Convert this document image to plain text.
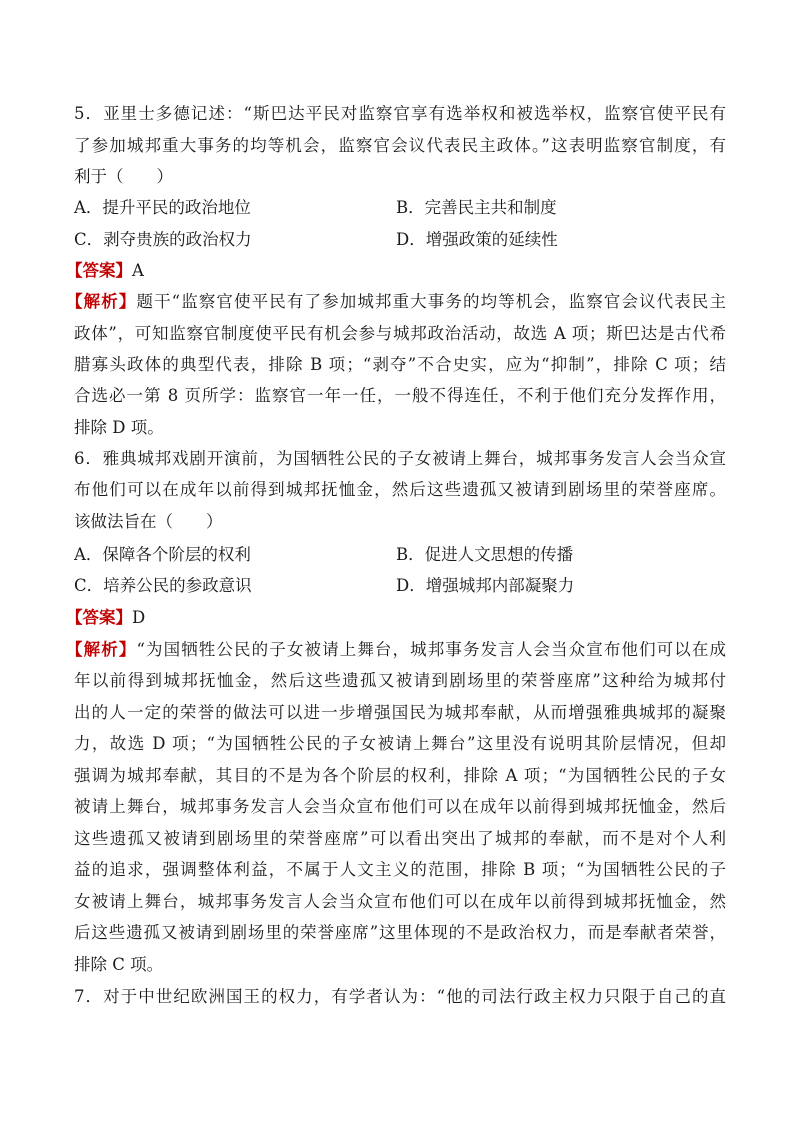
5．亚里士多德记述：“斯巴达平民对监察官享有选举权和被选举权，监察官使平民有
了参加城邦重大事务的均等机会，监察官会议代表民主政体。”这表明监察官制度，有
利于（　　）
A．提升平民的政治地位	B．完善民主共和制度
C．剥夺贵族的政治权力	D．增强政策的延续性
【答案】A
【解析】题干“监察官使平民有了参加城邦重大事务的均等机会，监察官会议代表民主
政体”，可知监察官制度使平民有机会参与城邦政治活动，故选 A 项；斯巴达是古代希
腊寡头政体的典型代表，排除 B 项；“剥夺”不合史实，应为“抑制”，排除 C 项；结
合选必一第 8 页所学：监察官一年一任，一般不得连任，不利于他们充分发挥作用，
排除 D 项。
6．雅典城邦戏剧开演前，为国牺牲公民的子女被请上舞台，城邦事务发言人会当众宣
布他们可以在成年以前得到城邦抚恤金，然后这些遗孤又被请到剧场里的荣誉座席。
该做法旨在（　　）
A．保障各个阶层的权利	B．促进人文思想的传播
C．培养公民的参政意识	D．增强城邦内部凝聚力
【答案】D
【解析】“为国牺牲公民的子女被请上舞台，城邦事务发言人会当众宣布他们可以在成
年以前得到城邦抚恤金，然后这些遗孤又被请到剧场里的荣誉座席”这种给为城邦付
出的人一定的荣誉的做法可以进一步增强国民为城邦奉献，从而增强雅典城邦的凝聚
力，故选 D 项；“为国牺牲公民的子女被请上舞台”这里没有说明其阶层情况，但却
强调为城邦奉献，其目的不是为各个阶层的权利，排除 A 项；“为国牺牲公民的子女
被请上舞台，城邦事务发言人会当众宣布他们可以在成年以前得到城邦抚恤金，然后
这些遗孤又被请到剧场里的荣誉座席”可以看出突出了城邦的奉献，而不是对个人利
益的追求，强调整体利益，不属于人文主义的范围，排除 B 项；“为国牺牲公民的子
女被请上舞台，城邦事务发言人会当众宣布他们可以在成年以前得到城邦抚恤金，然
后这些遗孤又被请到剧场里的荣誉座席”这里体现的不是政治权力，而是奉献者荣誉，
排除 C 项。
7．对于中世纪欧洲国王的权力，有学者认为：“他的司法行政主权力只限于自己的直
